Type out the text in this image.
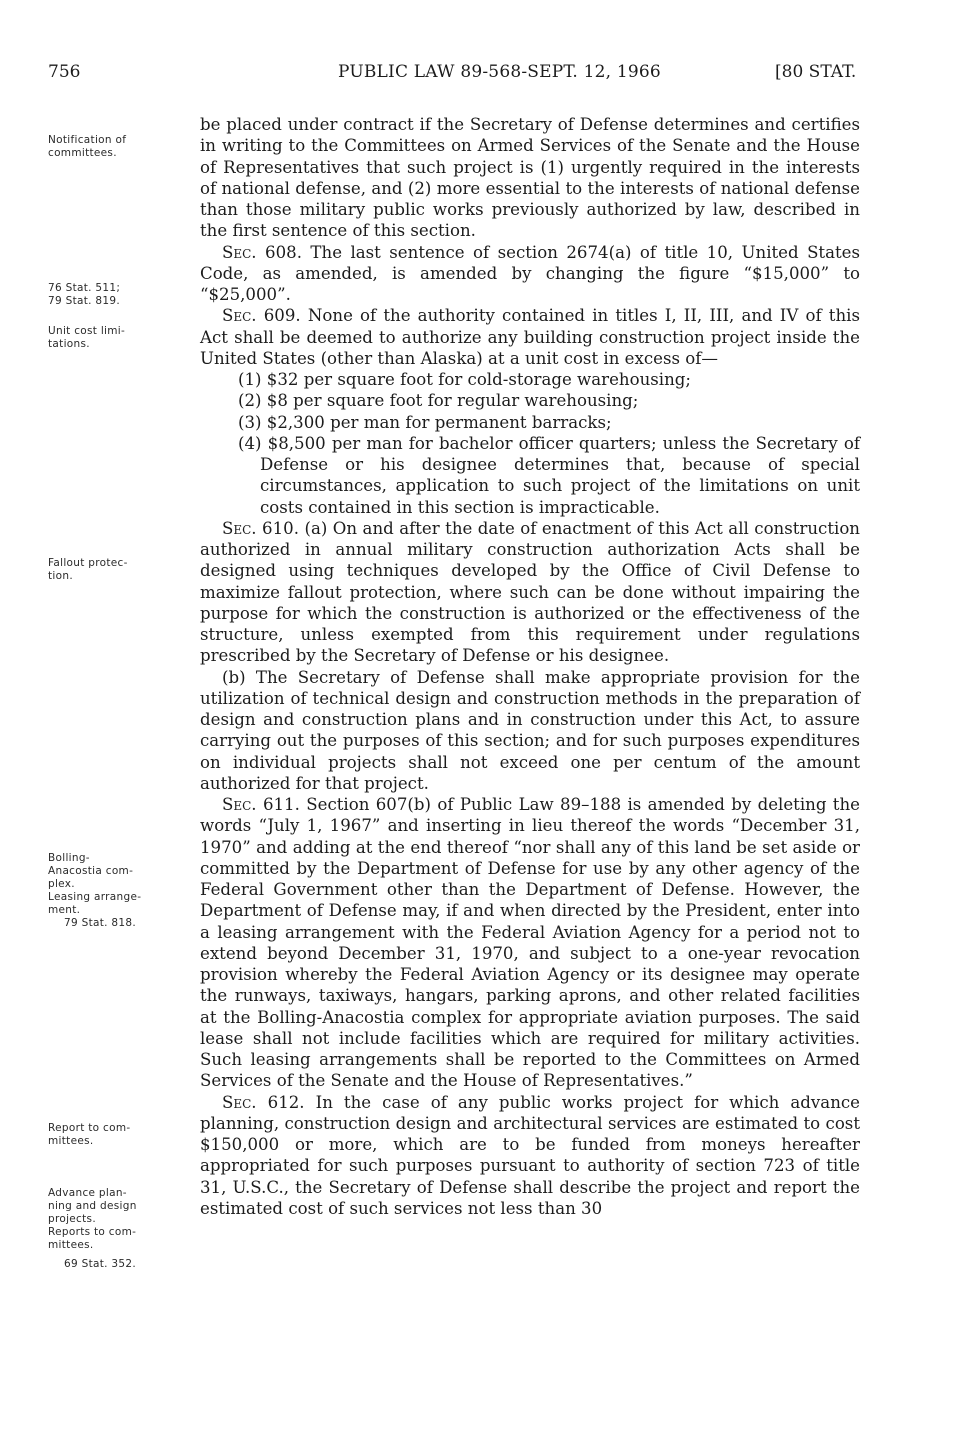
756	PUBLIC LAW 89-568-SEPT. 12, 1966	[80 STAT.
Notification of
committees.
76 Stat. 511;
79 Stat. 819.
Unit cost limi-
tations.
Fallout protec-
tion.
Bolling-
Anacostia com-
plex.
Leasing arrange-
ment.
79 Stat. 818.
Report to com-
mittees.
Advance plan-
ning and design
projects.
Reports to com-
mittees.
69 Stat. 352.

be placed under contract if the Secretary of Defense determines and certifies in writing to the Committees on Armed Services of the Senate and the House of Representatives that such project is (1) urgently required in the interests of national defense, and (2) more essential to the interests of national defense than those military public works previously authorized by law, described in the first sentence of this section.

Sec. 608. The last sentence of section 2674(a) of title 10, United States Code, as amended, is amended by changing the figure “$15,000” to “$25,000”.

Sec. 609. None of the authority contained in titles I, II, III, and IV of this Act shall be deemed to authorize any building construction project inside the United States (other than Alaska) at a unit cost in excess of—

(1) $32 per square foot for cold-storage warehousing;

(2) $8 per square foot for regular warehousing;

(3) $2,300 per man for permanent barracks;

(4) $8,500 per man for bachelor officer quarters; unless the Secretary of Defense or his designee determines that, because of special circumstances, application to such project of the limitations on unit costs contained in this section is impracticable.

Sec. 610. (a) On and after the date of enactment of this Act all construction authorized in annual military construction authorization Acts shall be designed using techniques developed by the Office of Civil Defense to maximize fallout protection, where such can be done without impairing the purpose for which the construction is authorized or the effectiveness of the structure, unless exempted from this requirement under regulations prescribed by the Secretary of Defense or his designee.

(b) The Secretary of Defense shall make appropriate provision for the utilization of technical design and construction methods in the preparation of design and construction plans and in construction under this Act, to assure carrying out the purposes of this section; and for such purposes expenditures on individual projects shall not exceed one per centum of the amount authorized for that project.

Sec. 611. Section 607(b) of Public Law 89–188 is amended by deleting the words “July 1, 1967” and inserting in lieu thereof the words “December 31, 1970” and adding at the end thereof “nor shall any of this land be set aside or committed by the Department of Defense for use by any other agency of the Federal Government other than the Department of Defense. However, the Department of Defense may, if and when directed by the President, enter into a leasing arrangement with the Federal Aviation Agency for a period not to extend beyond December 31, 1970, and subject to a one-year revocation provision whereby the Federal Aviation Agency or its designee may operate the runways, taxiways, hangars, parking aprons, and other related facilities at the Bolling-Anacostia complex for appropriate aviation purposes. The said lease shall not include facilities which are required for military activities. Such leasing arrangements shall be reported to the Committees on Armed Services of the Senate and the House of Representatives.”

Sec. 612. In the case of any public works project for which advance planning, construction design and architectural services are estimated to cost $150,000 or more, which are to be funded from moneys hereafter appropriated for such purposes pursuant to authority of section 723 of title 31, U.S.C., the Secretary of Defense shall describe the project and report the estimated cost of such services not less than 30
